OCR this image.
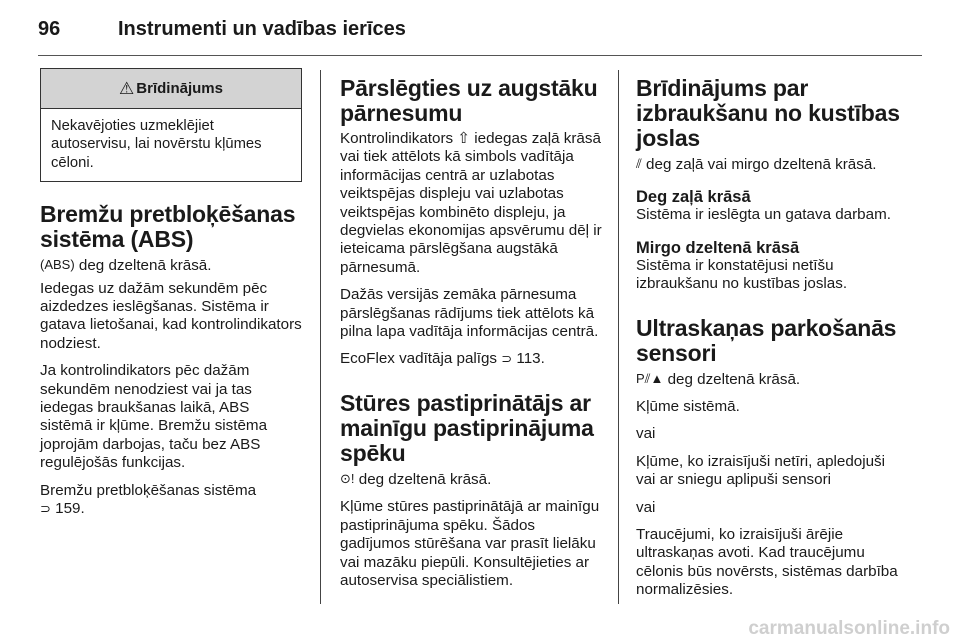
96	Instrumenti un vadības ierīces
⚠ Brīdinājums

Nekavējoties uzmeklējiet autoservisu, lai novērstu kļūmes cēloni.

Bremžu pretbloķēšanas sistēma (ABS)

(ABS) deg dzeltenā krāsā.

Iedegas uz dažām sekundēm pēc aizdedzes ieslēgšanas. Sistēma ir gatava lietošanai, kad kontrolindikators nodziest.

Ja kontrolindikators pēc dažām sekundēm nenodziest vai ja tas iedegas braukšanas laikā, ABS sistēmā ir kļūme. Bremžu sistēma joprojām darbojas, taču bez ABS regulējošās funkcijas.

Bremžu pretbloķēšanas sistēma
⊃ 159.

Pārslēgties uz augstāku pārnesumu

Kontrolindikators ⇧ iedegas zaļā krāsā vai tiek attēlots kā simbols vadītāja informācijas centrā ar uzlabotas veiktspējas displeju vai uzlabotas veiktspējas kombinēto displeju, ja degvielas ekonomijas apsvērumu dēļ ir ieteicama pārslēgšana augstākā pārnesumā.

Dažās versijās zemāka pārnesuma pārslēgšanas rādījums tiek attēlots kā pilna lapa vadītāja informācijas centrā.

EcoFlex vadītāja palīgs ⊃ 113.

Stūres pastiprinātājs ar mainīgu pastiprinājuma spēku

⊙! deg dzeltenā krāsā.

Kļūme stūres pastiprinātājā ar mainīgu pastiprinājuma spēku. Šādos gadījumos stūrēšana var prasīt lielāku vai mazāku piepūli. Konsultējieties ar autoservisa speciālistiem.

Brīdinājums par izbraukšanu no kustības joslas

⫽ deg zaļā vai mirgo dzeltenā krāsā.

Deg zaļā krāsā

Sistēma ir ieslēgta un gatava darbam.

Mirgo dzeltenā krāsā

Sistēma ir konstatējusi netīšu izbraukšanu no kustības joslas.

Ultraskaņas parkošanās sensori

P⫽▲ deg dzeltenā krāsā.

Kļūme sistēmā.

vai

Kļūme, ko izraisījuši netīri, apledojuši vai ar sniegu aplipuši sensori

vai

Traucējumi, ko izraisījuši ārējie ultraskaņas avoti. Kad traucējumu cēlonis būs novērsts, sistēmas darbība normalizēsies.

carmanualsonline.info
